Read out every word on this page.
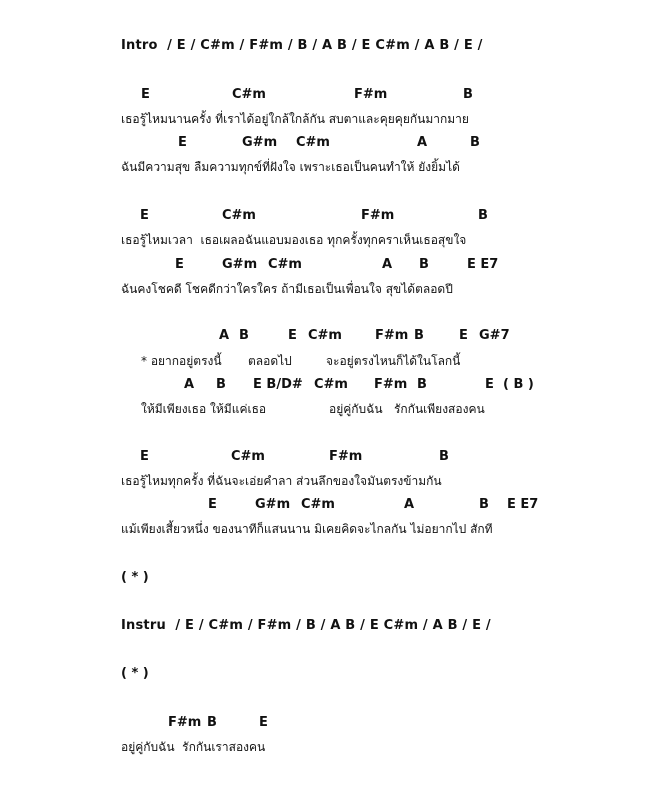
Intro  / E / C#m / F#m / B / A B / E C#m / A B / E /
E	C#m	F#m	B
เธอรู้ไหมนานครั้ง ที่เราได้อยู่ใกล้ใกล้กัน สบตาและคุยคุยกันมากมาย
E	G#m C#m	A	B
ฉันมีความสุข ลืมความทุกข์ที่ฝังใจ เพราะเธอเป็นคนทำให้ ยังยิ้มได้
E	C#m	F#m	B
เธอรู้ไหมเวลา  เธอเผลอฉันแอบมองเธอ ทุกครั้งทุกคราเห็นเธอสุขใจ
E	G#m C#m	A B	E E7
ฉันคงโชคดี โชคดีกว่าใครใคร ถ้ามีเธอเป็นเพื่อนใจ สุขได้ตลอดปี
A B	E C#m	F#m B	E G#7
* อยากอยู่ตรงนี้ ตลอดไป	จะอยู่ตรงไหนก็ได้ในโลกนี้
A B E B/D# C#m F#m B	E ( B )
ให้มีเพียงเธอ ให้มีแค่เธอ	อยู่คู่กับฉัน   รักกันเพียงสองคน
E	C#m	F#m	B
เธอรู้ไหมทุกครั้ง ที่ฉันจะเอ่ยคำลา ส่วนลึกของใจมันตรงข้ามกัน
E	G#m C#m	A	B E E7
แม้เพียงเสี้ยวหนึ่ง ของนาทีก็แสนนาน มิเคยคิดจะไกลกัน ไม่อยากไป สักที
( * )
Instru  / E / C#m / F#m / B / A B / E C#m / A B / E /
( * )
F#m B	E
อยู่คู่กับฉัน  รักกันเราสองคน
